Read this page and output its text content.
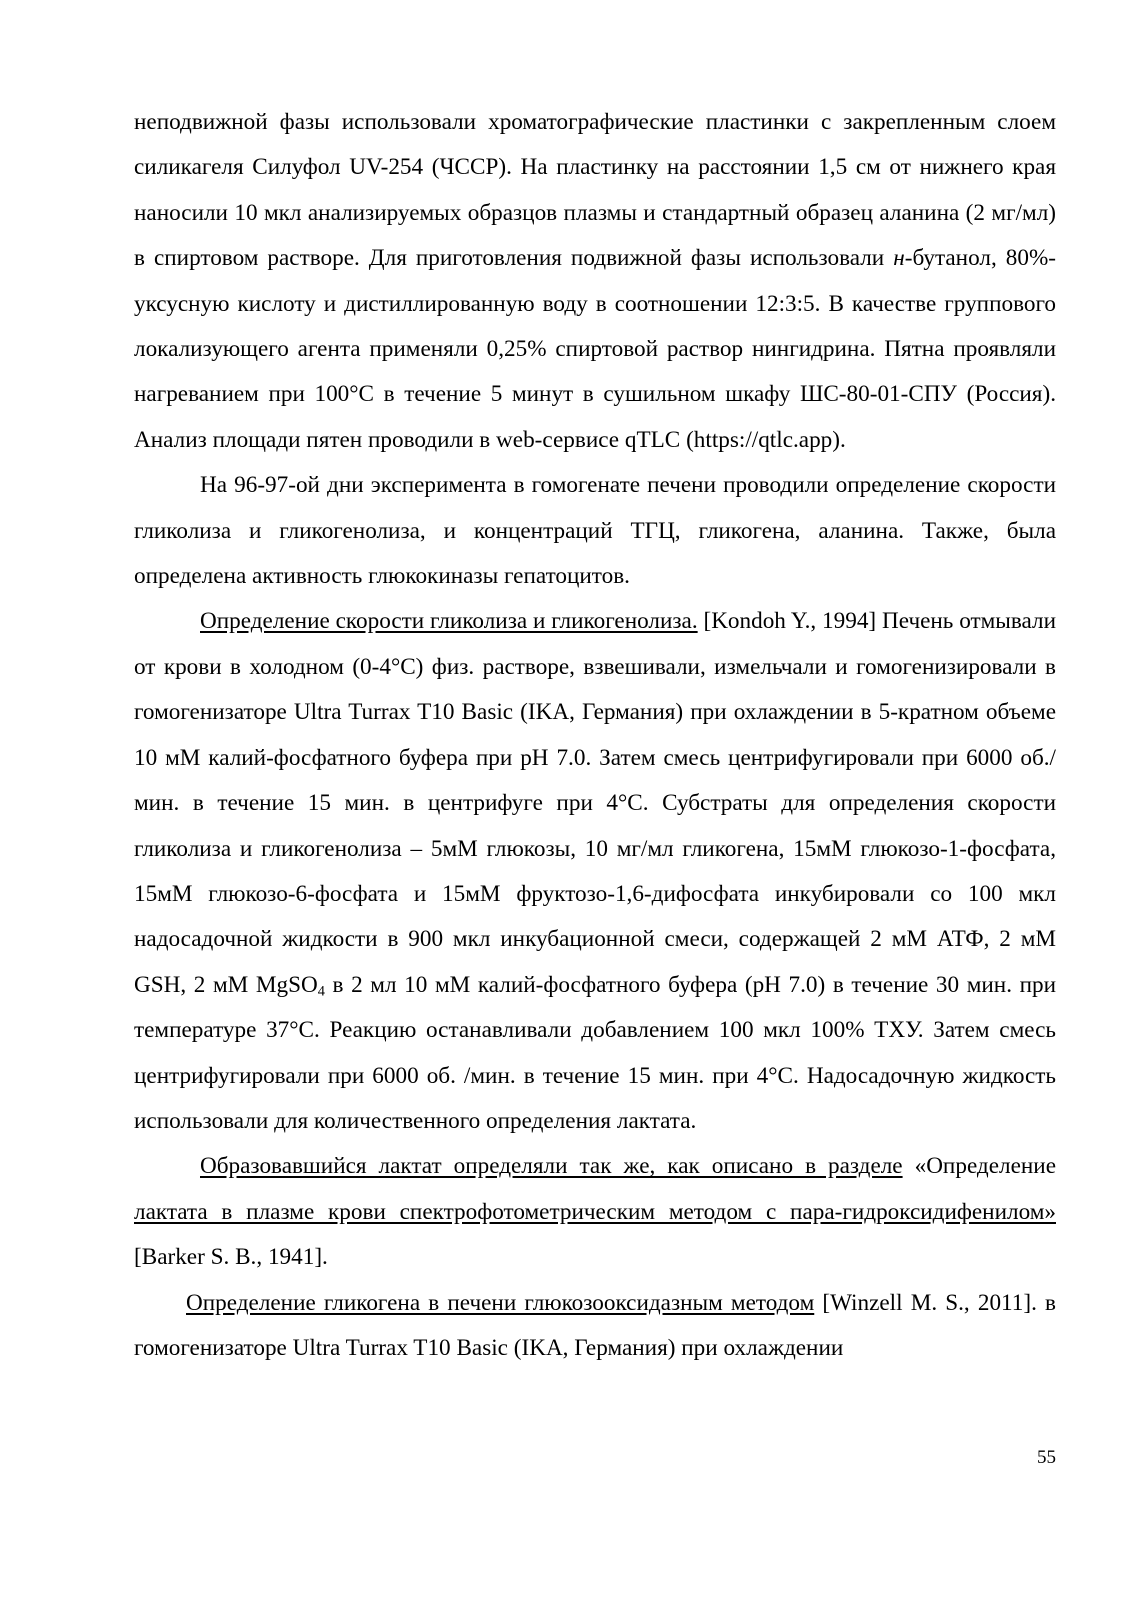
неподвижной фазы использовали хроматографические пластинки с закрепленным слоем силикагеля Силуфол UV-254 (ЧССР). На пластинку на расстоянии 1,5 см от нижнего края наносили 10 мкл анализируемых образцов плазмы и стандартный образец аланина (2 мг/мл) в спиртовом растворе. Для приготовления подвижной фазы использовали н-бутанол, 80%-уксусную кислоту и дистиллированную воду в соотношении 12:3:5. В качестве группового локализующего агента применяли 0,25% спиртовой раствор нингидрина. Пятна проявляли нагреванием при 100°С в течение 5 минут в сушильном шкафу ШС-80-01-СПУ (Россия). Анализ площади пятен проводили в web-сервисе qTLC (https://qtlc.app).

На 96-97-ой дни эксперимента в гомогенате печени проводили определение скорости гликолиза и гликогенолиза, и концентраций ТГЦ, гликогена, аланина. Также, была определена активность глюкокиназы гепатоцитов.

Определение скорости гликолиза и гликогенолиза. [Kondoh Y., 1994] Печень отмывали от крови в холодном (0-4°С) физ. растворе, взвешивали, измельчали и гомогенизировали в гомогенизаторе Ultra Turrax T10 Basic (IKA, Германия) при охлаждении в 5-кратном объеме 10 мМ калий-фосфатного буфера при pH 7.0. Затем смесь центрифугировали при 6000 об./мин. в течение 15 мин. в центрифуге при 4°С. Субстраты для определения скорости гликолиза и гликогенолиза – 5мМ глюкозы, 10 мг/мл гликогена, 15мМ глюкозо-1-фосфата, 15мМ глюкозо-6-фосфата и 15мМ фруктозо-1,6-дифосфата инкубировали со 100 мкл надосадочной жидкости в 900 мкл инкубационной смеси, содержащей 2 мМ АТФ, 2 мМ GSH, 2 мМ MgSO$_4$ в 2 мл 10 мМ калий-фосфатного буфера (pH 7.0) в течение 30 мин. при температуре 37°С. Реакцию останавливали добавлением 100 мкл 100% ТХУ. Затем смесь центрифугировали при 6000 об. /мин. в течение 15 мин. при 4°С. Надосадочную жидкость использовали для количественного определения лактата.

Образовавшийся лактат определяли так же, как описано в разделе «Определение лактата в плазме крови спектрофотометрическим методом с пара-гидроксидифенилом» [Barker S. B., 1941].

Определение гликогена в печени глюкозооксидазным методом [Winzell M. S., 2011]. в гомогенизаторе Ultra Turrax T10 Basic (IKA, Германия) при охлаждении

55
